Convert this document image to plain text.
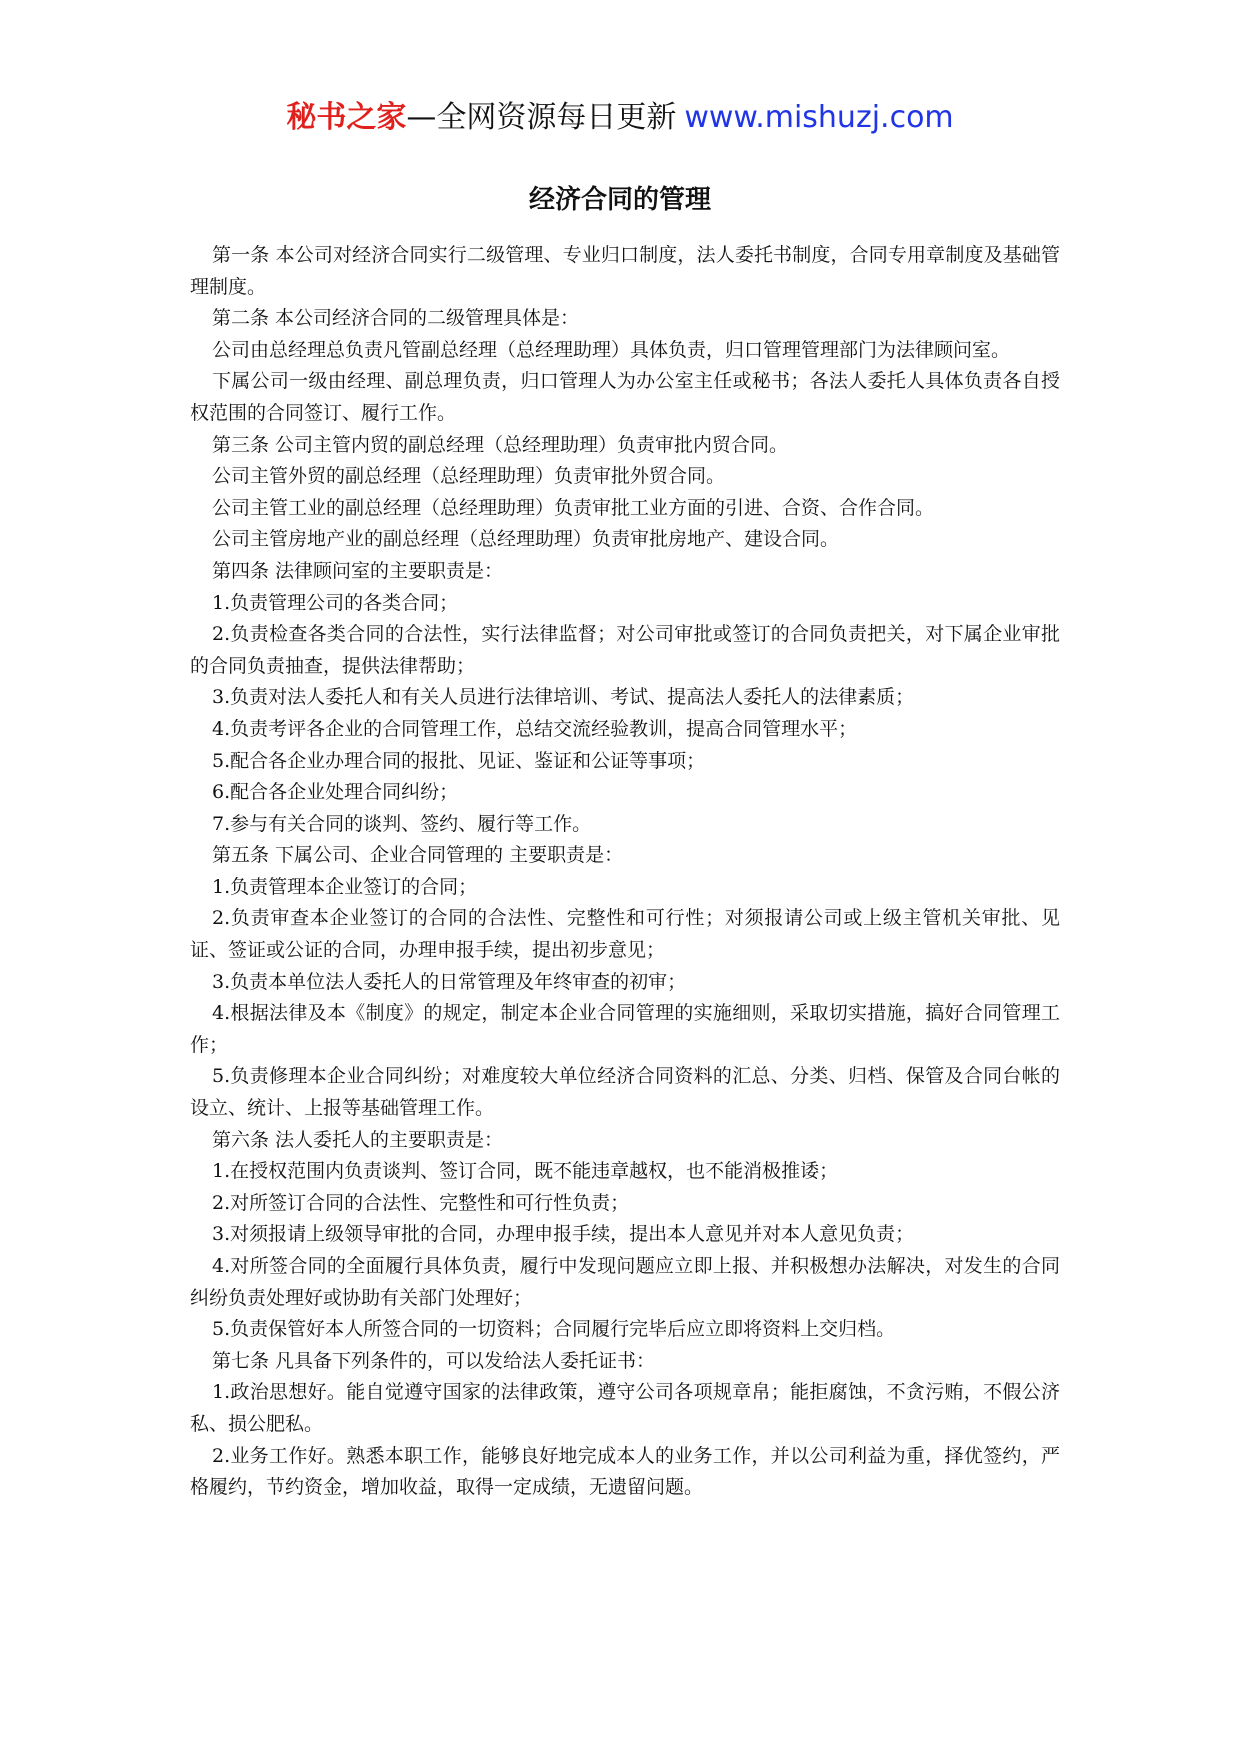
秘书之家—全网资源每日更新 www.mishuzj.com
经济合同的管理

第一条 本公司对经济合同实行二级管理、专业归口制度，法人委托书制度，合同专用章制度及基础管理制度。

第二条 本公司经济合同的二级管理具体是：

公司由总经理总负责凡管副总经理（总经理助理）具体负责，归口管理管理部门为法律顾问室。

下属公司一级由经理、副总理负责，归口管理人为办公室主任或秘书；各法人委托人具体负责各自授权范围的合同签订、履行工作。

第三条 公司主管内贸的副总经理（总经理助理）负责审批内贸合同。

公司主管外贸的副总经理（总经理助理）负责审批外贸合同。

公司主管工业的副总经理（总经理助理）负责审批工业方面的引进、合资、合作合同。

公司主管房地产业的副总经理（总经理助理）负责审批房地产、建设合同。

第四条 法律顾问室的主要职责是：

1.负责管理公司的各类合同；

2.负责检查各类合同的合法性，实行法律监督；对公司审批或签订的合同负责把关，对下属企业审批的合同负责抽查，提供法律帮助；

3.负责对法人委托人和有关人员进行法律培训、考试、提高法人委托人的法律素质；

4.负责考评各企业的合同管理工作，总结交流经验教训，提高合同管理水平；

5.配合各企业办理合同的报批、见证、鉴证和公证等事项；

6.配合各企业处理合同纠纷；

7.参与有关合同的谈判、签约、履行等工作。

第五条 下属公司、企业合同管理的 主要职责是：

1.负责管理本企业签订的合同；

2.负责审查本企业签订的合同的合法性、完整性和可行性；对须报请公司或上级主管机关审批、见证、签证或公证的合同，办理申报手续，提出初步意见；

3.负责本单位法人委托人的日常管理及年终审查的初审；

4.根据法律及本《制度》的规定，制定本企业合同管理的实施细则，采取切实措施，搞好合同管理工作；

5.负责修理本企业合同纠纷；对难度较大单位经济合同资料的汇总、分类、归档、保管及合同台帐的设立、统计、上报等基础管理工作。

第六条 法人委托人的主要职责是：

1.在授权范围内负责谈判、签订合同，既不能违章越权，也不能消极推诿；

2.对所签订合同的合法性、完整性和可行性负责；

3.对须报请上级领导审批的合同，办理申报手续，提出本人意见并对本人意见负责；

4.对所签合同的全面履行具体负责，履行中发现问题应立即上报、并积极想办法解决，对发生的合同纠纷负责处理好或协助有关部门处理好；

5.负责保管好本人所签合同的一切资料；合同履行完毕后应立即将资料上交归档。

第七条 凡具备下列条件的，可以发给法人委托证书：

1.政治思想好。能自觉遵守国家的法律政策，遵守公司各项规章帛；能拒腐蚀，不贪污贿，不假公济私、损公肥私。

2.业务工作好。熟悉本职工作，能够良好地完成本人的业务工作，并以公司利益为重，择优签约，严格履约，节约资金，增加收益，取得一定成绩，无遗留问题。
